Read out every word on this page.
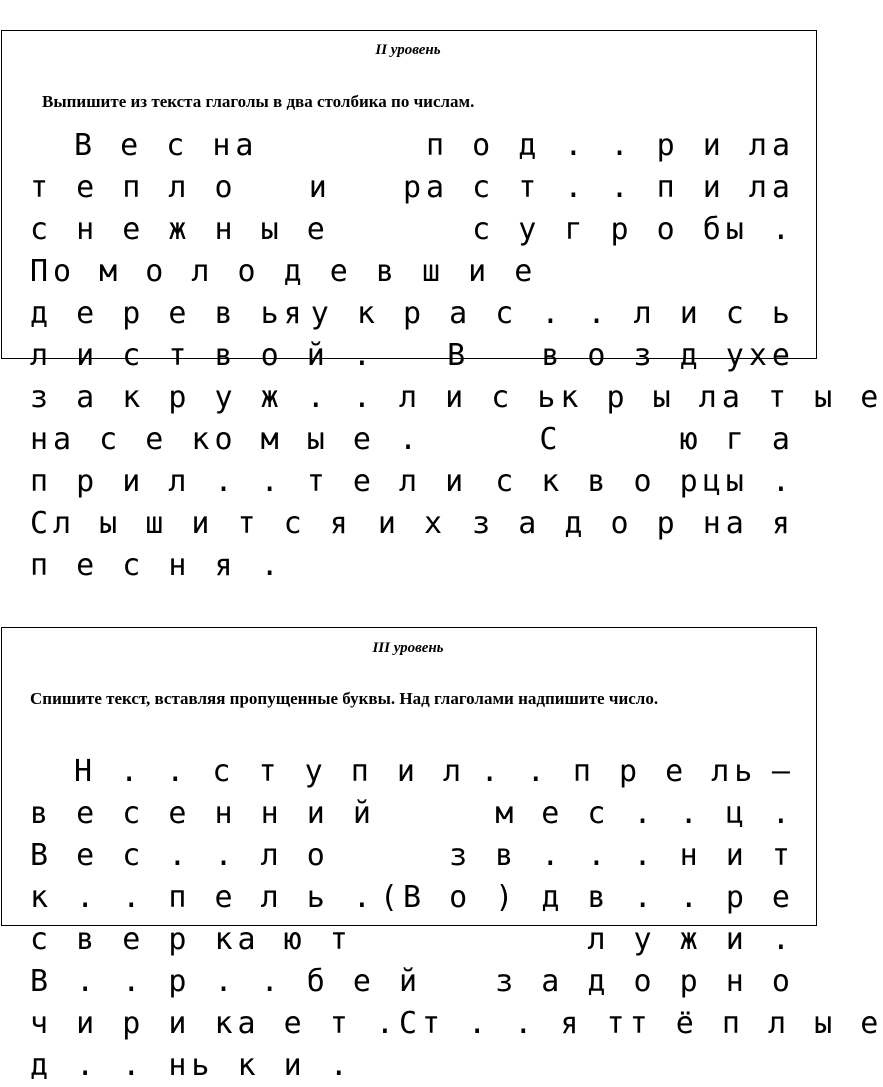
II уровень
Выпишите из текста глаголы в два столбика по числам.
В е с на	п о д . . р и ла
т е п л о и ра с т . . п и ла
с н е ж н ы е	с у г р о бы .
По м о л о д е в ш и е
д е р е в ья у к р а с . . л и с ь
л и с т в о й . В в о з д ухе
з а к р у ж . . л и с ь к р ы ла т ы е
на с е ко м ы е .	С	ю г а
п р и л . . т е л и с к в о рцы .
Сл ы ш и т с я и х з а д о р на я
п е с н я .
III уровень
Спишите текст, вставляя пропущенные буквы. Над глаголами надпишите число.
Н . . с т у п и л . . п р е ль —
в е с е н н и й	м е с . . ц .
В е с . . л о	з в . . . н и т
к . . п е л ь . (В о ) д в . . р е
с в е р ка ю т	л у ж и .
В . . р . . б е й з а д о р н о
ч и р и ка е т . Ст . . я т т ё п л ы е
д . . нь к и .
